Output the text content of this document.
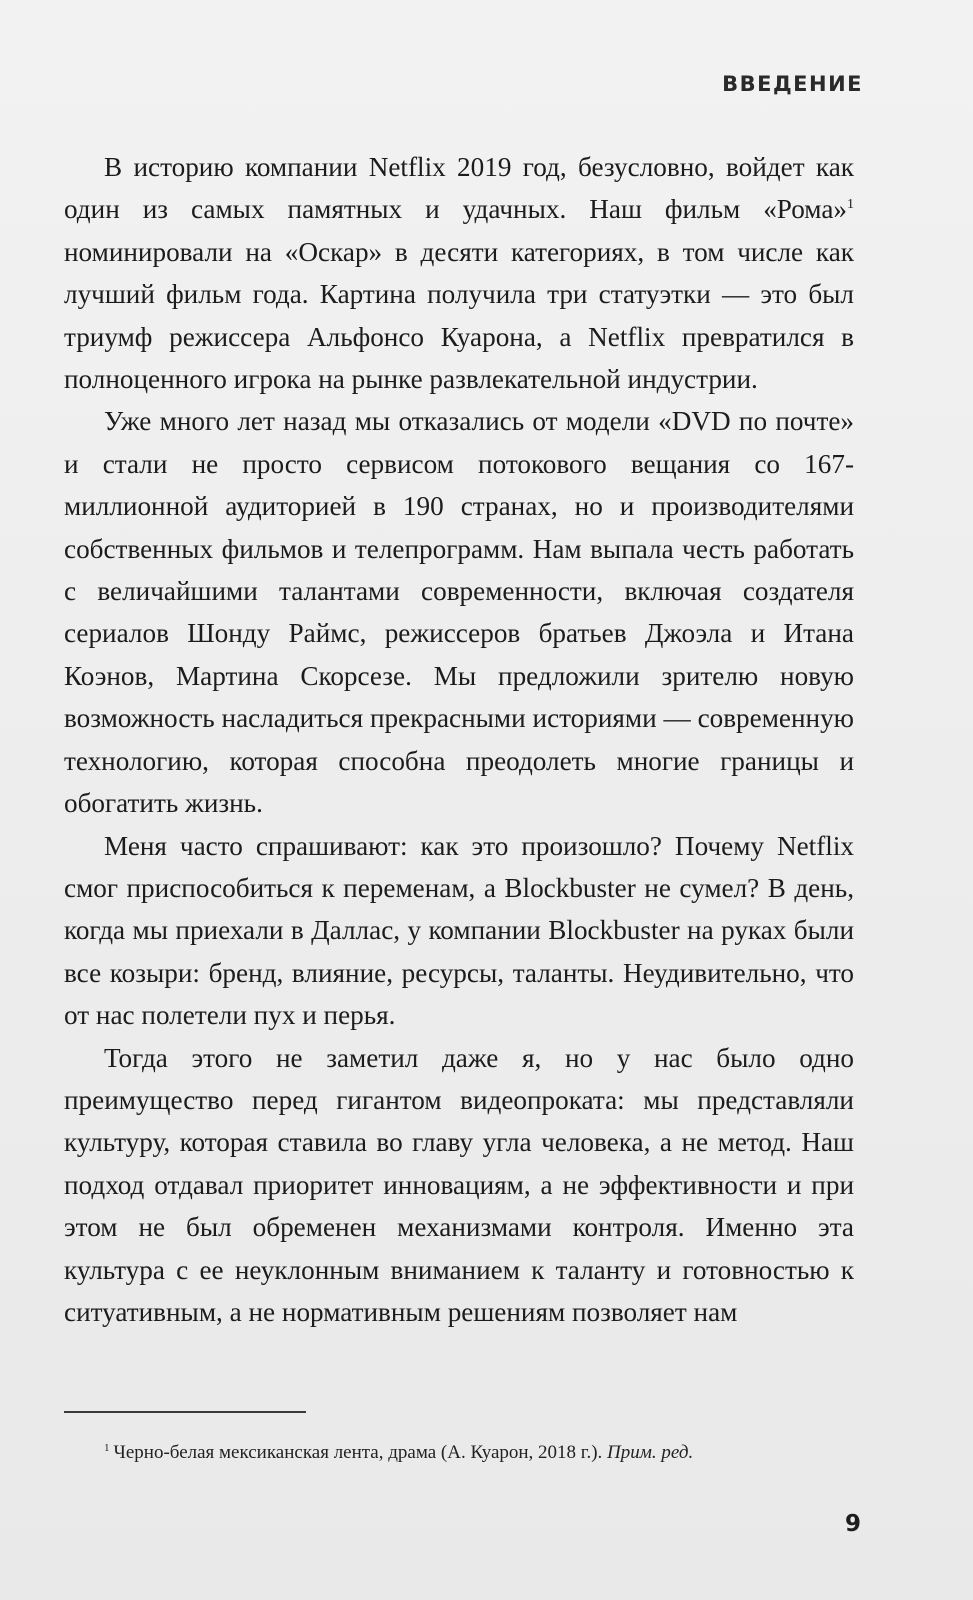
ВВЕДЕНИЕ

В историю компании Netflix 2019 год, безусловно, войдет как один из самых памятных и удачных. Наш фильм «Рома»$^1$ номинировали на «Оскар» в десяти категориях, в том числе как лучший фильм года. Картина получила три статуэтки — это был триумф режиссера Альфонсо Куарона, а Netflix превратился в полноценного игрока на рынке развлекательной индустрии.

Уже много лет назад мы отказались от модели «DVD по почте» и стали не просто сервисом потокового вещания со 167-миллионной аудиторией в 190 странах, но и производителями собственных фильмов и телепрограмм. Нам выпала честь работать с величайшими талантами современности, включая создателя сериалов Шонду Раймс, режиссеров братьев Джоэла и Итана Коэнов, Мартина Скорсезе. Мы предложили зрителю новую возможность насладиться прекрасными историями — современную технологию, которая способна преодолеть многие границы и обогатить жизнь.

Меня часто спрашивают: как это произошло? Почему Netflix смог приспособиться к переменам, а Blockbuster не сумел? В день, когда мы приехали в Даллас, у компании Blockbuster на руках были все козыри: бренд, влияние, ресурсы, таланты. Неудивительно, что от нас полетели пух и перья.

Тогда этого не заметил даже я, но у нас было одно преимущество перед гигантом видеопроката: мы представляли культуру, которая ставила во главу угла человека, а не метод. Наш подход отдавал приоритет инновациям, а не эффективности и при этом не был обременен механизмами контроля. Именно эта культура с ее неуклонным вниманием к таланту и готовностью к ситуативным, а не нормативным решениям позволяет нам

$^1$ Черно-белая мексиканская лента, драма (А. Куарон, 2018 г.). Прим. ред.
9
